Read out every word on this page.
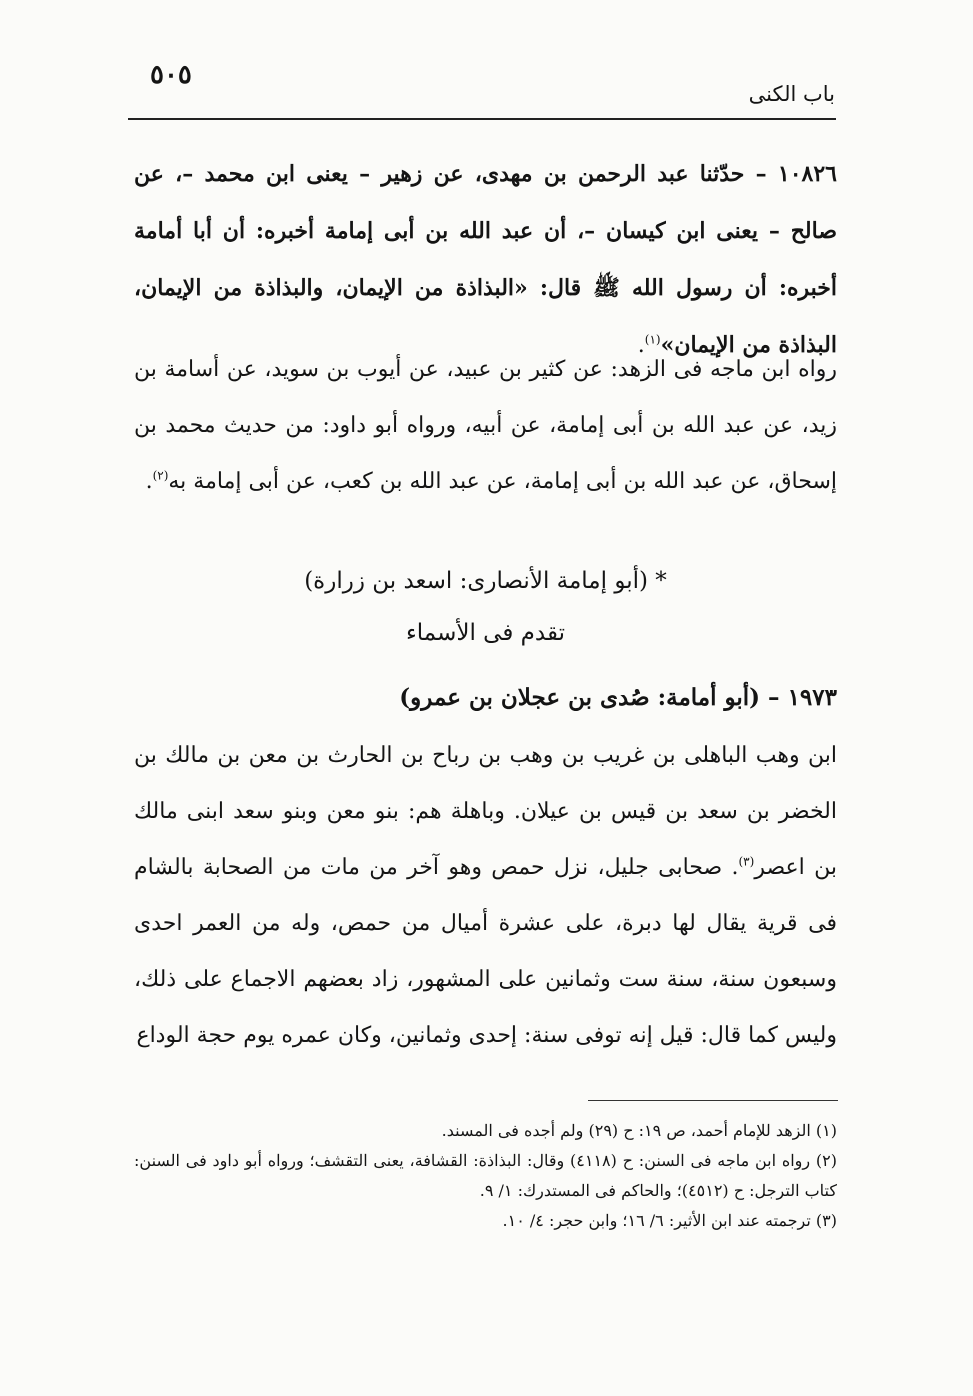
٥٠٥
باب الكنى
١٠٨٢٦ – حدّثنا عبد الرحمن بن مهدى، عن زهير – يعنى ابن محمد –، عن صالح – يعنى ابن كيسان –، أن عبد الله بن أبى إمامة أخبره: أن أبا أمامة أخبره: أن رسول الله ﷺ قال: «البذاذة من الإيمان، والبذاذة من الإيمان، البذاذة من الإيمان»$^{(١)}$.
رواه ابن ماجه فى الزهد: عن كثير بن عبيد، عن أيوب بن سويد، عن أسامة بن زيد، عن عبد الله بن أبى إمامة، عن أبيه، ورواه أبو داود: من حديث محمد بن إسحاق، عن عبد الله بن أبى إمامة، عن عبد الله بن كعب، عن أبى إمامة به$^{(٢)}$.
* (أبو إمامة الأنصارى: اسعد بن زرارة)
تقدم فى الأسماء
١٩٧٣ – (أبو أمامة: صُدى بن عجلان بن عمرو)
ابن وهب الباهلى بن غريب بن وهب بن رباح بن الحارث بن معن بن مالك بن الخضر بن سعد بن قيس بن عيلان. وباهلة هم: بنو معن وبنو سعد ابنى مالك بن اعصر$^{(٣)}$. صحابى جليل، نزل حمص وهو آخر من مات من الصحابة بالشام فى قرية يقال لها دبرة، على عشرة أميال من حمص، وله من العمر احدى وسبعون سنة، سنة ست وثمانين على المشهور، زاد بعضهم الاجماع على ذلك، وليس كما قال: قيل إنه توفى سنة: إحدى وثمانين، وكان عمره يوم حجة الوداع

(١) الزهد للإمام أحمد، ص ١٩: ح (٢٩) ولم أجده فى المسند.

(٢) رواه ابن ماجه فى السنن: ح (٤١١٨) وقال: البذاذة: القشافة، يعنى التقشف؛ ورواه أبو داود فى السنن: كتاب الترجل: ح (٤٥١٢)؛ والحاكم فى المستدرك: ١/ ٩.

(٣) ترجمته عند ابن الأثير: ٦/ ١٦؛ وابن حجر: ٤/ ١٠.
